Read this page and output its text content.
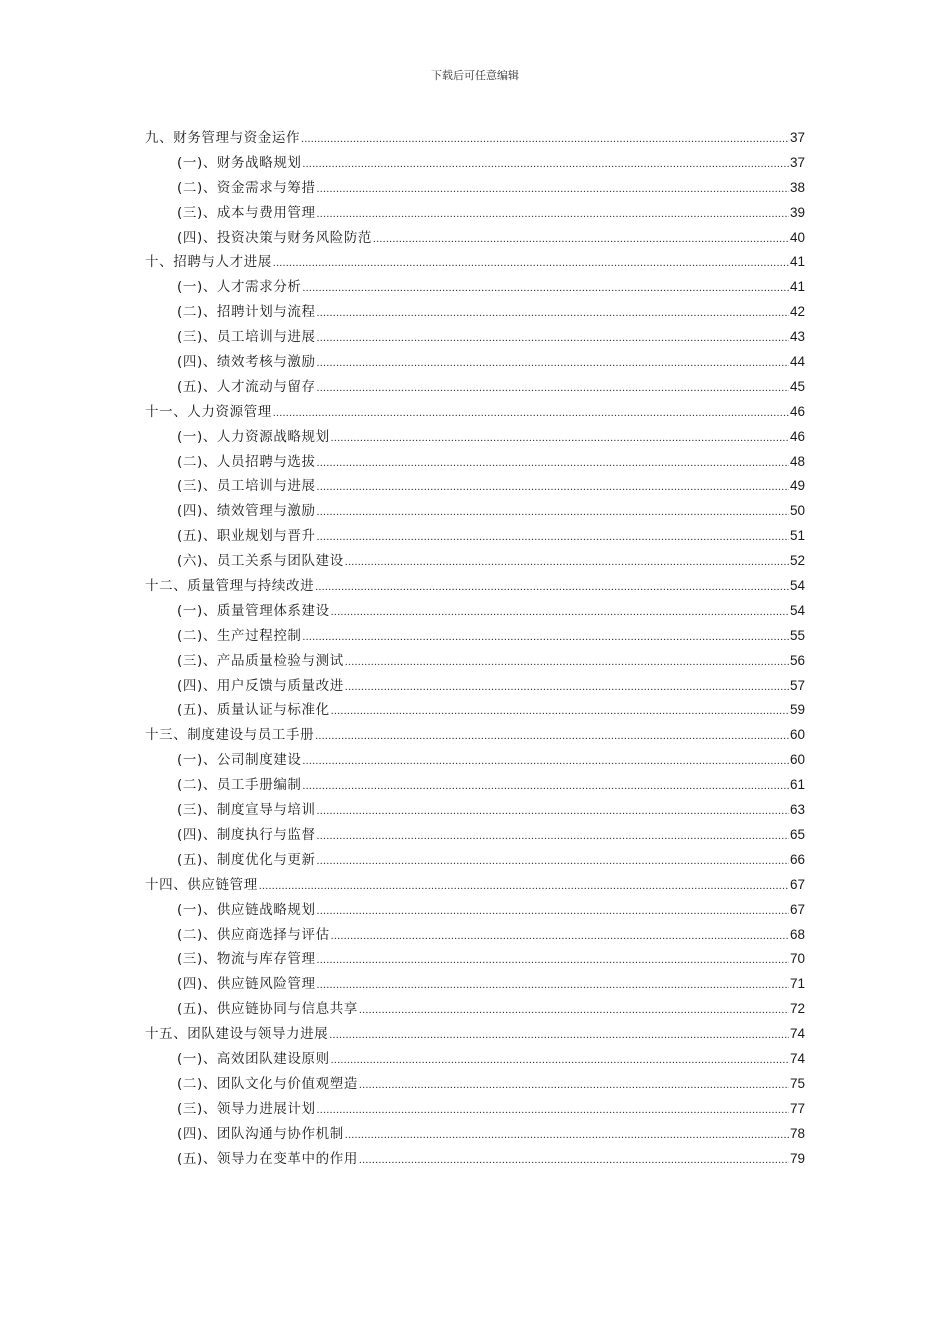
下载后可任意编辑
九、财务管理与资金运作 .....	37
(一)、财务战略规划 .....	37
(二)、资金需求与筹措 .....	38
(三)、成本与费用管理 .....	39
(四)、投资决策与财务风险防范 .....	40
十、招聘与人才进展 .....	41
(一)、人才需求分析 .....	41
(二)、招聘计划与流程 .....	42
(三)、员工培训与进展 .....	43
(四)、绩效考核与激励 .....	44
(五)、人才流动与留存 .....	45
十一、人力资源管理 .....	46
(一)、人力资源战略规划 .....	46
(二)、人员招聘与选拔 .....	48
(三)、员工培训与进展 .....	49
(四)、绩效管理与激励 .....	50
(五)、职业规划与晋升 .....	51
(六)、员工关系与团队建设 .....	52
十二、质量管理与持续改进 .....	54
(一)、质量管理体系建设 .....	54
(二)、生产过程控制 .....	55
(三)、产品质量检验与测试 .....	56
(四)、用户反馈与质量改进 .....	57
(五)、质量认证与标准化 .....	59
十三、制度建设与员工手册 .....	60
(一)、公司制度建设 .....	60
(二)、员工手册编制 .....	61
(三)、制度宣导与培训 .....	63
(四)、制度执行与监督 .....	65
(五)、制度优化与更新 .....	66
十四、供应链管理 .....	67
(一)、供应链战略规划 .....	67
(二)、供应商选择与评估 .....	68
(三)、物流与库存管理 .....	70
(四)、供应链风险管理 .....	71
(五)、供应链协同与信息共享 .....	72
十五、团队建设与领导力进展 .....	74
(一)、高效团队建设原则 .....	74
(二)、团队文化与价值观塑造 .....	75
(三)、领导力进展计划 .....	77
(四)、团队沟通与协作机制 .....	78
(五)、领导力在变革中的作用 .....	79
